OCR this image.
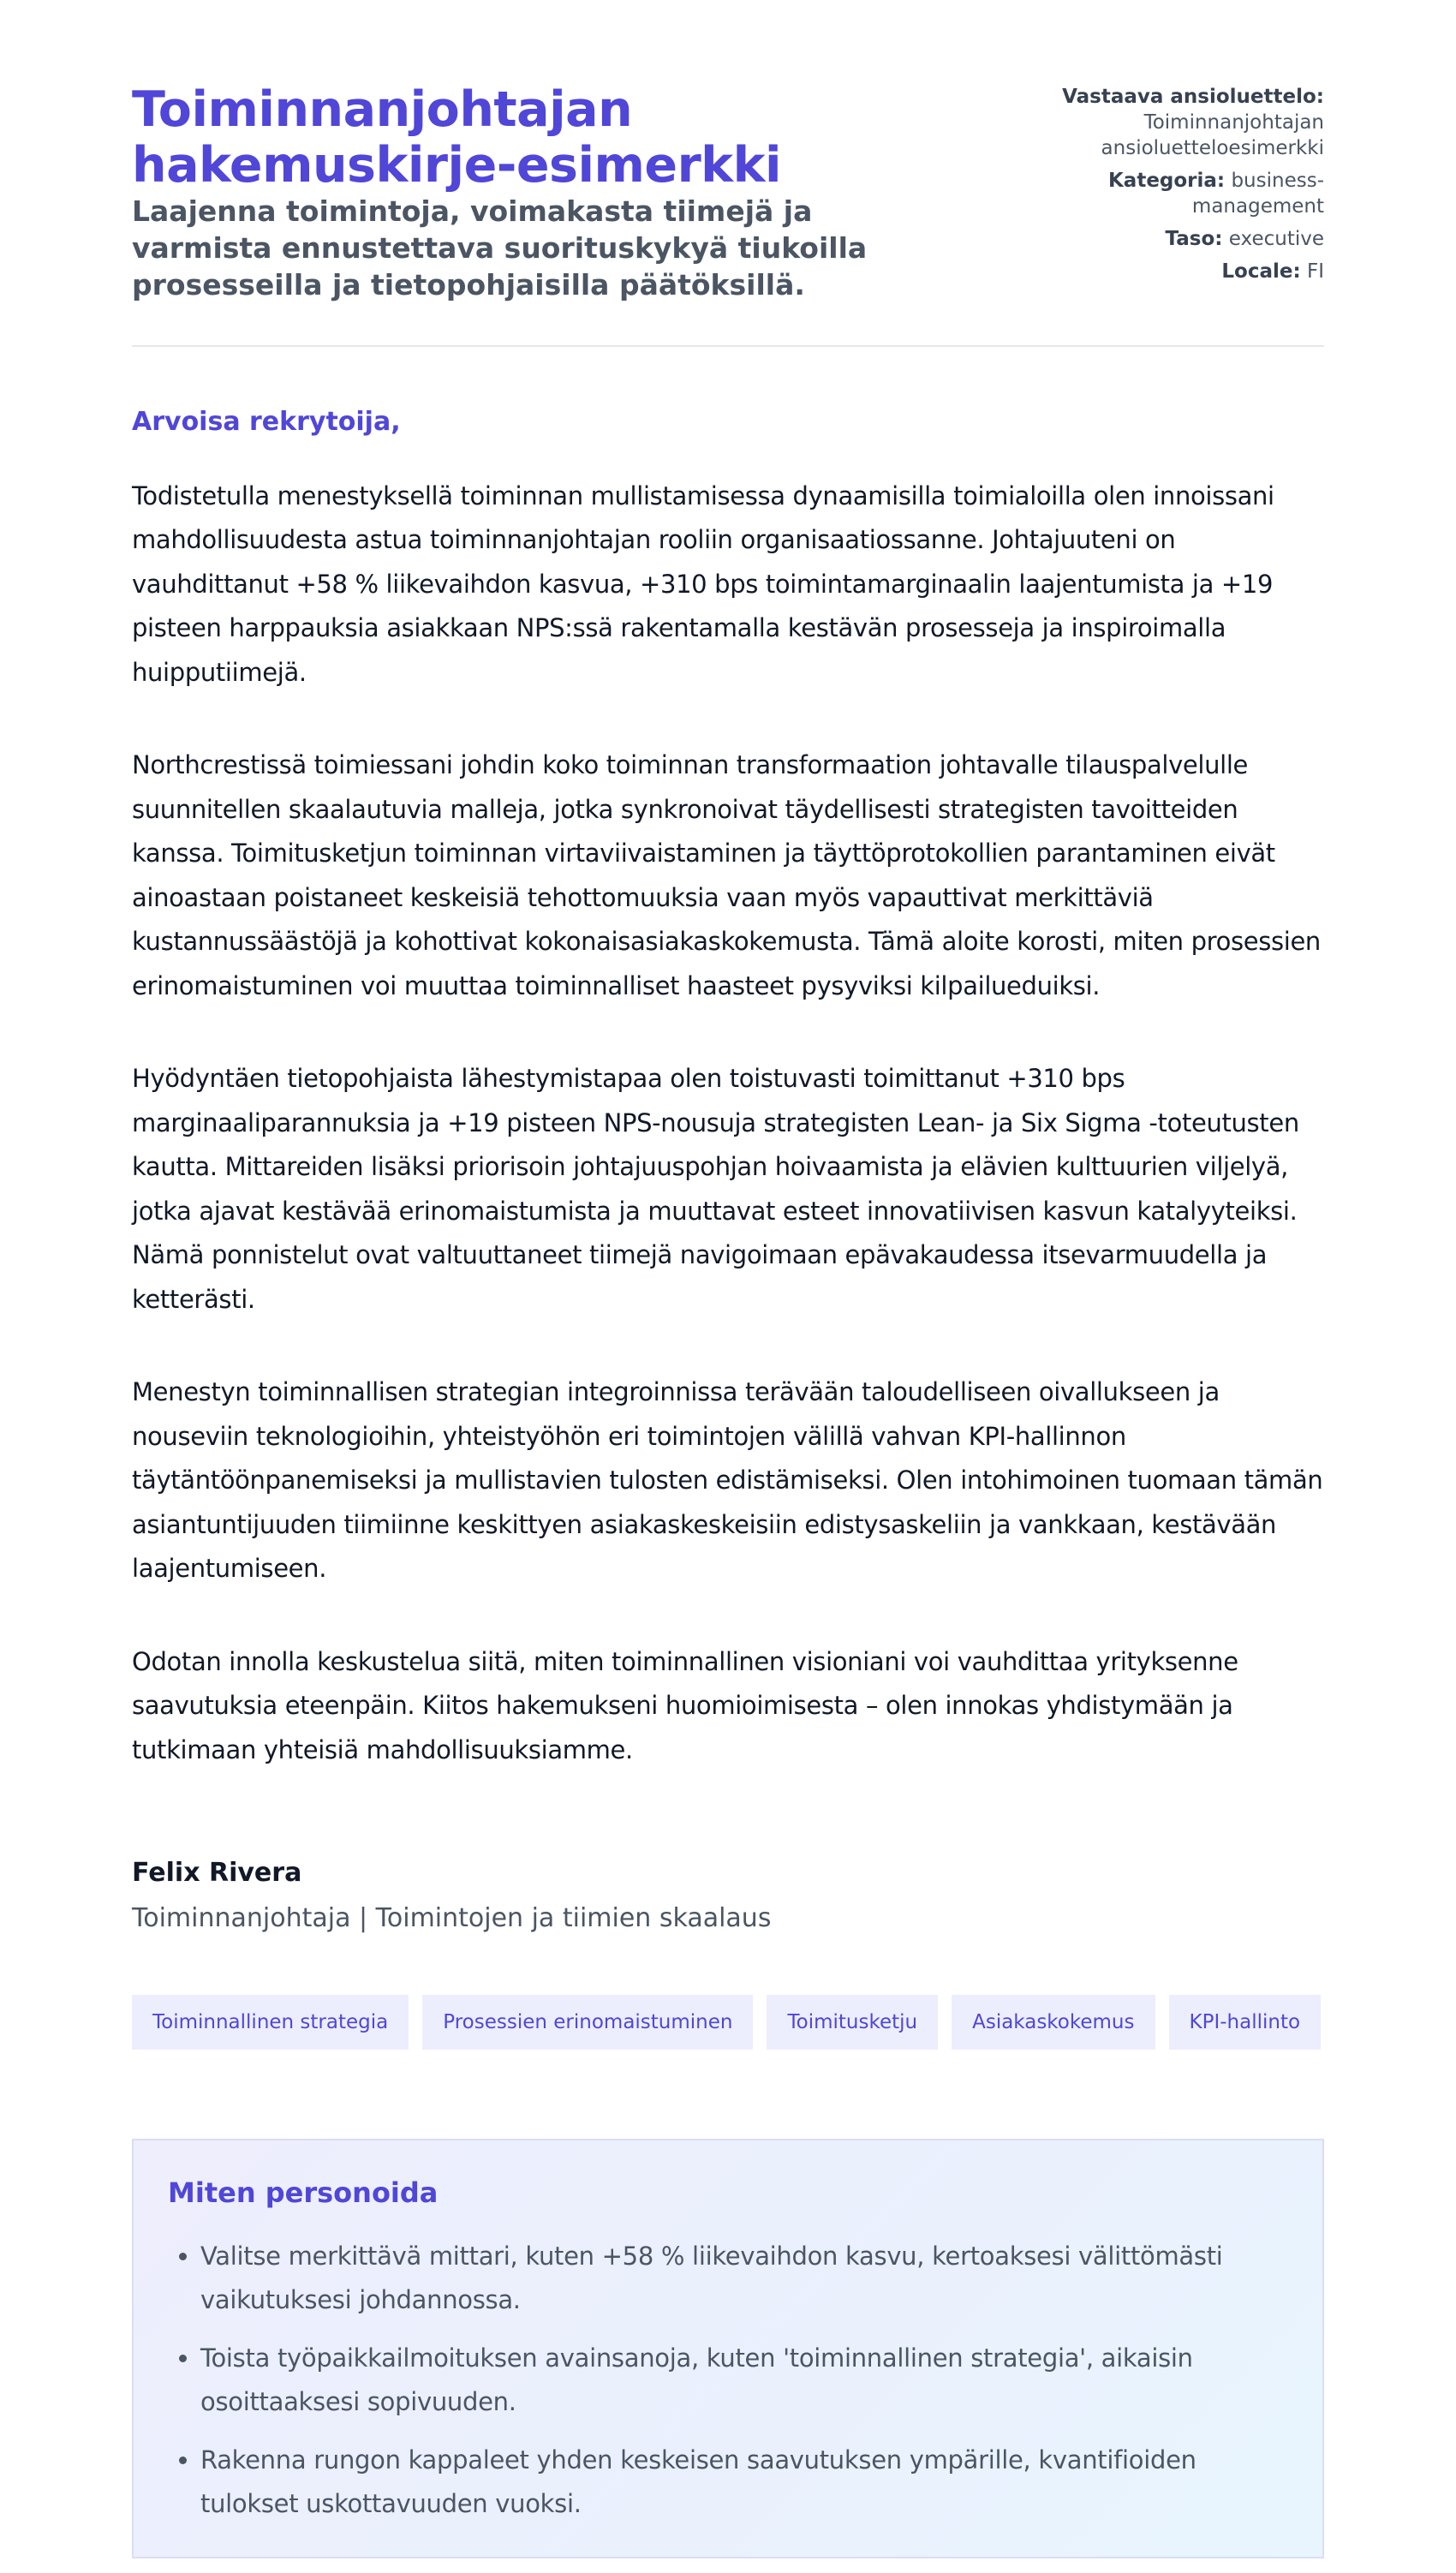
Toiminnanjohtajan hakemuskirje-esimerkki

Laajenna toimintoja, voimakasta tiimejä ja varmista ennustettava suorituskykyä tiukoilla prosesseilla ja tietopohjaisilla päätöksillä.

Vastaava ansioluettelo:
Toiminnanjohtajan ansioluetteloesimerkki
Kategoria: business-management
Taso: executive
Locale: FI

Arvoisa rekrytoija,

Todistetulla menestyksellä toiminnan mullistamisessa dynaamisilla toimialoilla olen innoissani mahdollisuudesta astua toiminnanjohtajan rooliin organisaatiossanne. Johtajuuteni on vauhdittanut +58 % liikevaihdon kasvua, +310 bps toimintamarginaalin laajentumista ja +19 pisteen harppauksia asiakkaan NPS:ssä rakentamalla kestävän prosesseja ja inspiroimalla huipputiimejä.

Northcrestissä toimiessani johdin koko toiminnan transformaation johtavalle tilauspalvelulle suunnitellen skaalautuvia malleja, jotka synkronoivat täydellisesti strategisten tavoitteiden kanssa. Toimitusketjun toiminnan virtaviivaistaminen ja täyttöprotokollien parantaminen eivät ainoastaan poistaneet keskeisiä tehottomuuksia vaan myös vapauttivat merkittäviä kustannussäästöjä ja kohottivat kokonaisasiakaskokemusta. Tämä aloite korosti, miten prosessien erinomaistuminen voi muuttaa toiminnalliset haasteet pysyviksi kilpailueduiksi.

Hyödyntäen tietopohjaista lähestymistapaa olen toistuvasti toimittanut +310 bps marginaaliparannuksia ja +19 pisteen NPS-nousuja strategisten Lean- ja Six Sigma -toteutusten kautta. Mittareiden lisäksi priorisoin johtajuuspohjan hoivaamista ja elävien kulttuurien viljelyä, jotka ajavat kestävää erinomaistumista ja muuttavat esteet innovatiivisen kasvun katalyyteiksi. Nämä ponnistelut ovat valtuuttaneet tiimejä navigoimaan epävakaudessa itsevarmuudella ja ketterästi.

Menestyn toiminnallisen strategian integroinnissa terävään taloudelliseen oivallukseen ja nouseviin teknologioihin, yhteistyöhön eri toimintojen välillä vahvan KPI-hallinnon täytäntöönpanemiseksi ja mullistavien tulosten edistämiseksi. Olen intohimoinen tuomaan tämän asiantuntijuuden tiimiinne keskittyen asiakaskeskeisiin edistysaskeliin ja vankkaan, kestävään laajentumiseen.

Odotan innolla keskustelua siitä, miten toiminnallinen visioniani voi vauhdittaa yrityksenne saavutuksia eteenpäin. Kiitos hakemukseni huomioimisesta – olen innokas yhdistymään ja tutkimaan yhteisiä mahdollisuuksiamme.

Felix Rivera

Toiminnanjohtaja | Toimintojen ja tiimien skaalaus

Toiminnallinen strategia	Prosessien erinomaistuminen	Toimitusketju	Asiakaskokemus	KPI-hallinto
Miten personoida
• Valitse merkittävä mittari, kuten +58 % liikevaihdon kasvu, kertoaksesi välittömästi vaikutuksesi johdannossa.
• Toista työpaikkailmoituksen avainsanoja, kuten 'toiminnallinen strategia', aikaisin osoittaaksesi sopivuuden.
• Rakenna rungon kappaleet yhden keskeisen saavutuksen ympärille, kvantifioiden tulokset uskottavuuden vuoksi.
